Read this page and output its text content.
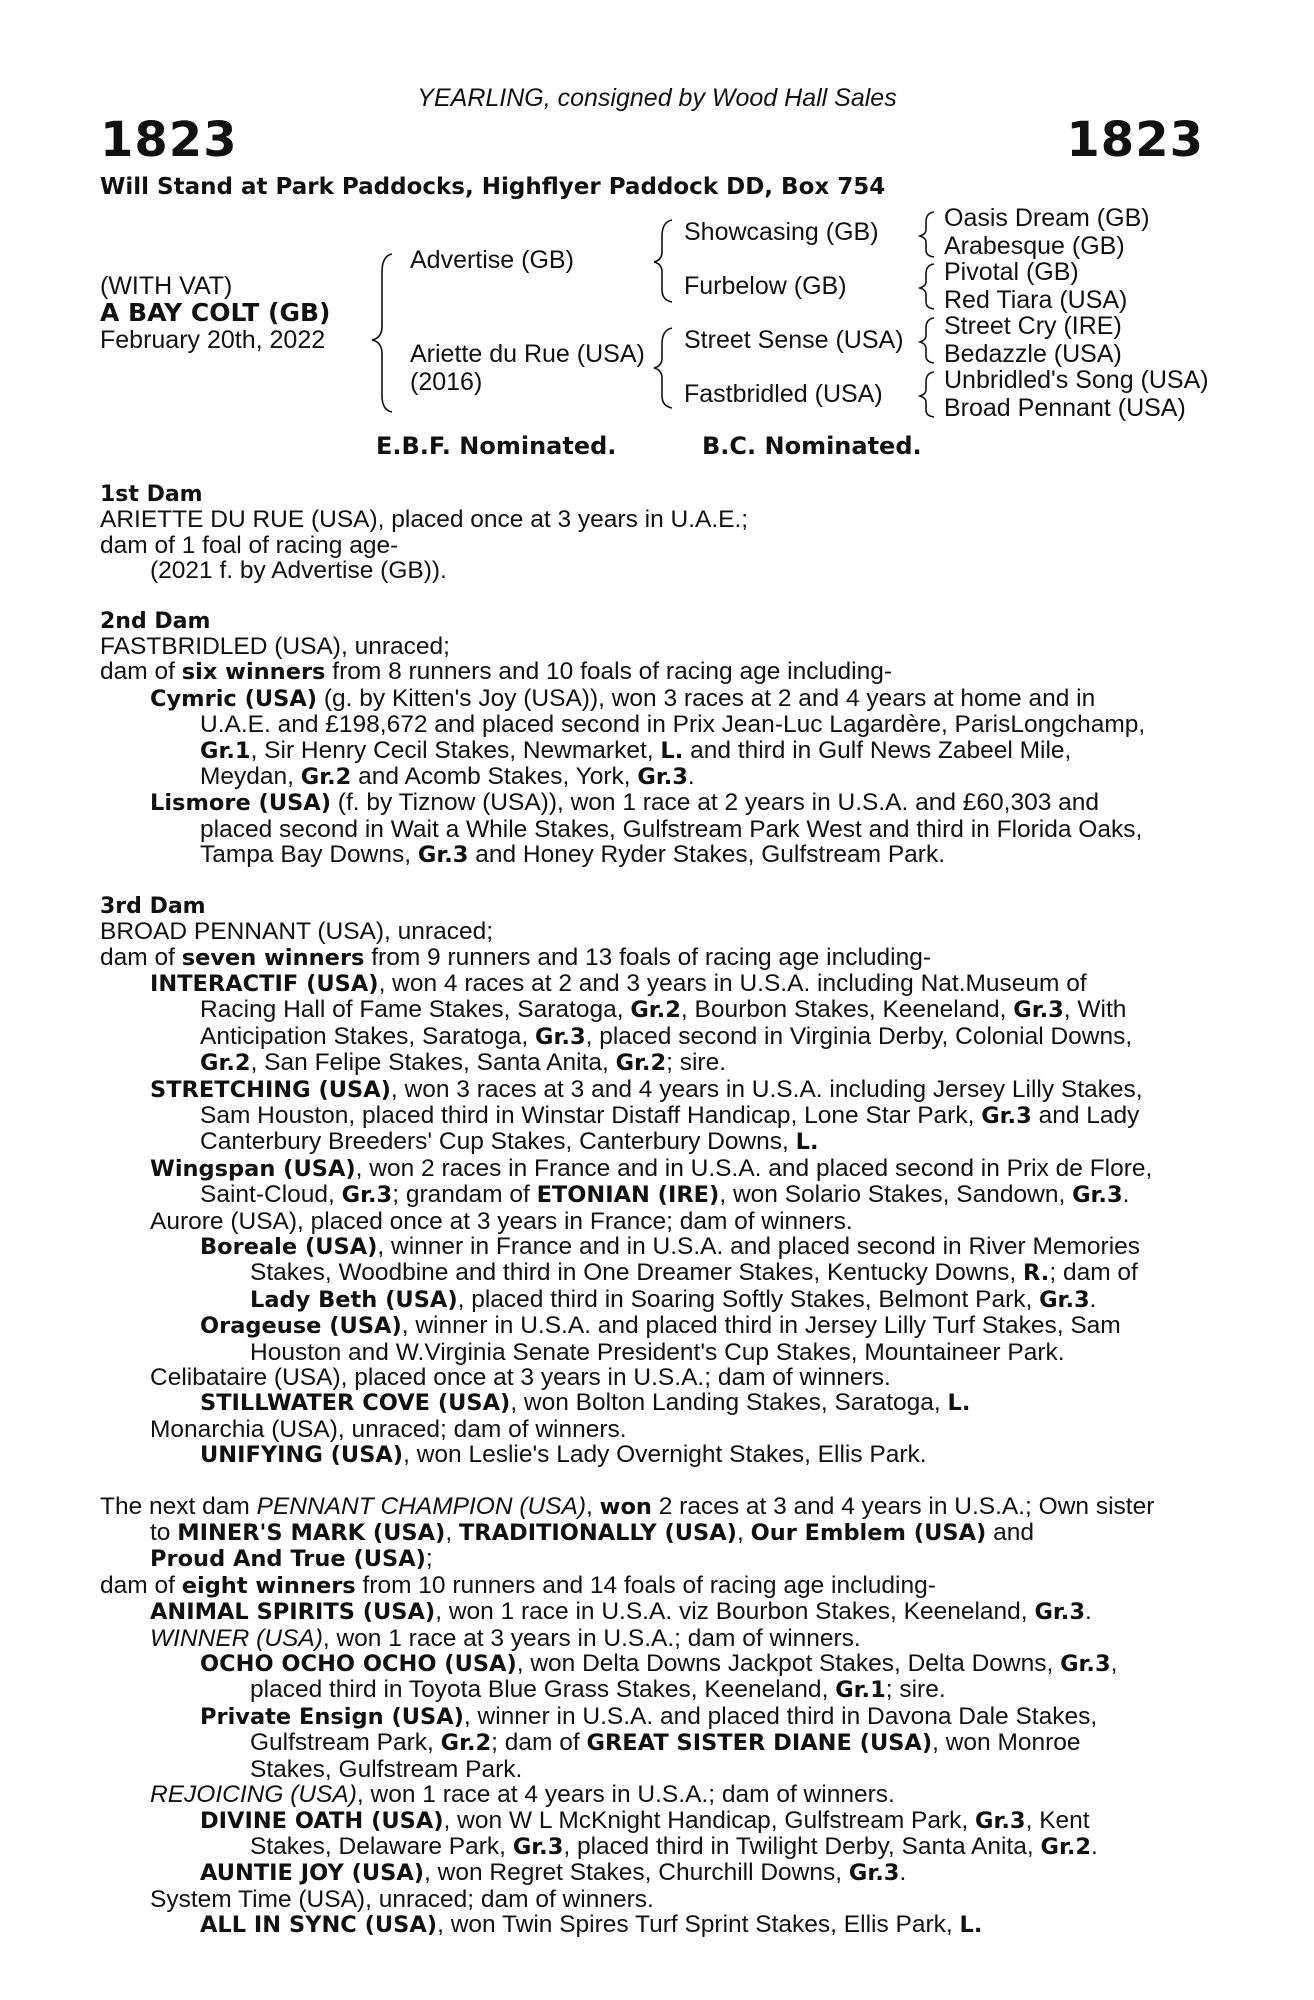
YEARLING, consigned by Wood Hall Sales
1823	1823
Will Stand at Park Paddocks, Highflyer Paddock DD, Box 754
(WITH VAT)
A BAY COLT (GB)
February 20th, 2022
Advertise (GB)
Ariette du Rue (USA)
(2016)
Showcasing (GB)
Furbelow (GB)
Street Sense (USA)
Fastbridled (USA)
Oasis Dream (GB)
Arabesque (GB)
Pivotal (GB)
Red Tiara (USA)
Street Cry (IRE)
Bedazzle (USA)
Unbridled's Song (USA)
Broad Pennant (USA)
E.B.F. Nominated.	B.C. Nominated.
1st Dam
ARIETTE DU RUE (USA), placed once at 3 years in U.A.E.;
dam of 1 foal of racing age-
(2021 f. by Advertise (GB)).
2nd Dam
FASTBRIDLED (USA), unraced;
dam of six winners from 8 runners and 10 foals of racing age including-
Cymric (USA) (g. by Kitten's Joy (USA)), won 3 races at 2 and 4 years at home and in
U.A.E. and £198,672 and placed second in Prix Jean-Luc Lagardère, ParisLongchamp,
Gr.1, Sir Henry Cecil Stakes, Newmarket, L. and third in Gulf News Zabeel Mile,
Meydan, Gr.2 and Acomb Stakes, York, Gr.3.
Lismore (USA) (f. by Tiznow (USA)), won 1 race at 2 years in U.S.A. and £60,303 and
placed second in Wait a While Stakes, Gulfstream Park West and third in Florida Oaks,
Tampa Bay Downs, Gr.3 and Honey Ryder Stakes, Gulfstream Park.
3rd Dam
BROAD PENNANT (USA), unraced;
dam of seven winners from 9 runners and 13 foals of racing age including-
INTERACTIF (USA), won 4 races at 2 and 3 years in U.S.A. including Nat.Museum of
Racing Hall of Fame Stakes, Saratoga, Gr.2, Bourbon Stakes, Keeneland, Gr.3, With
Anticipation Stakes, Saratoga, Gr.3, placed second in Virginia Derby, Colonial Downs,
Gr.2, San Felipe Stakes, Santa Anita, Gr.2; sire.
STRETCHING (USA), won 3 races at 3 and 4 years in U.S.A. including Jersey Lilly Stakes,
Sam Houston, placed third in Winstar Distaff Handicap, Lone Star Park, Gr.3 and Lady
Canterbury Breeders' Cup Stakes, Canterbury Downs, L.
Wingspan (USA), won 2 races in France and in U.S.A. and placed second in Prix de Flore,
Saint-Cloud, Gr.3; grandam of ETONIAN (IRE), won Solario Stakes, Sandown, Gr.3.
Aurore (USA), placed once at 3 years in France; dam of winners.
Boreale (USA), winner in France and in U.S.A. and placed second in River Memories
Stakes, Woodbine and third in One Dreamer Stakes, Kentucky Downs, R.; dam of
Lady Beth (USA), placed third in Soaring Softly Stakes, Belmont Park, Gr.3.
Orageuse (USA), winner in U.S.A. and placed third in Jersey Lilly Turf Stakes, Sam
Houston and W.Virginia Senate President's Cup Stakes, Mountaineer Park.
Celibataire (USA), placed once at 3 years in U.S.A.; dam of winners.
STILLWATER COVE (USA), won Bolton Landing Stakes, Saratoga, L.
Monarchia (USA), unraced; dam of winners.
UNIFYING (USA), won Leslie's Lady Overnight Stakes, Ellis Park.
The next dam PENNANT CHAMPION (USA), won 2 races at 3 and 4 years in U.S.A.; Own sister
to MINER'S MARK (USA), TRADITIONALLY (USA), Our Emblem (USA) and
Proud And True (USA);
dam of eight winners from 10 runners and 14 foals of racing age including-
ANIMAL SPIRITS (USA), won 1 race in U.S.A. viz Bourbon Stakes, Keeneland, Gr.3.
WINNER (USA), won 1 race at 3 years in U.S.A.; dam of winners.
OCHO OCHO OCHO (USA), won Delta Downs Jackpot Stakes, Delta Downs, Gr.3,
placed third in Toyota Blue Grass Stakes, Keeneland, Gr.1; sire.
Private Ensign (USA), winner in U.S.A. and placed third in Davona Dale Stakes,
Gulfstream Park, Gr.2; dam of GREAT SISTER DIANE (USA), won Monroe
Stakes, Gulfstream Park.
REJOICING (USA), won 1 race at 4 years in U.S.A.; dam of winners.
DIVINE OATH (USA), won W L McKnight Handicap, Gulfstream Park, Gr.3, Kent
Stakes, Delaware Park, Gr.3, placed third in Twilight Derby, Santa Anita, Gr.2.
AUNTIE JOY (USA), won Regret Stakes, Churchill Downs, Gr.3.
System Time (USA), unraced; dam of winners.
ALL IN SYNC (USA), won Twin Spires Turf Sprint Stakes, Ellis Park, L.
